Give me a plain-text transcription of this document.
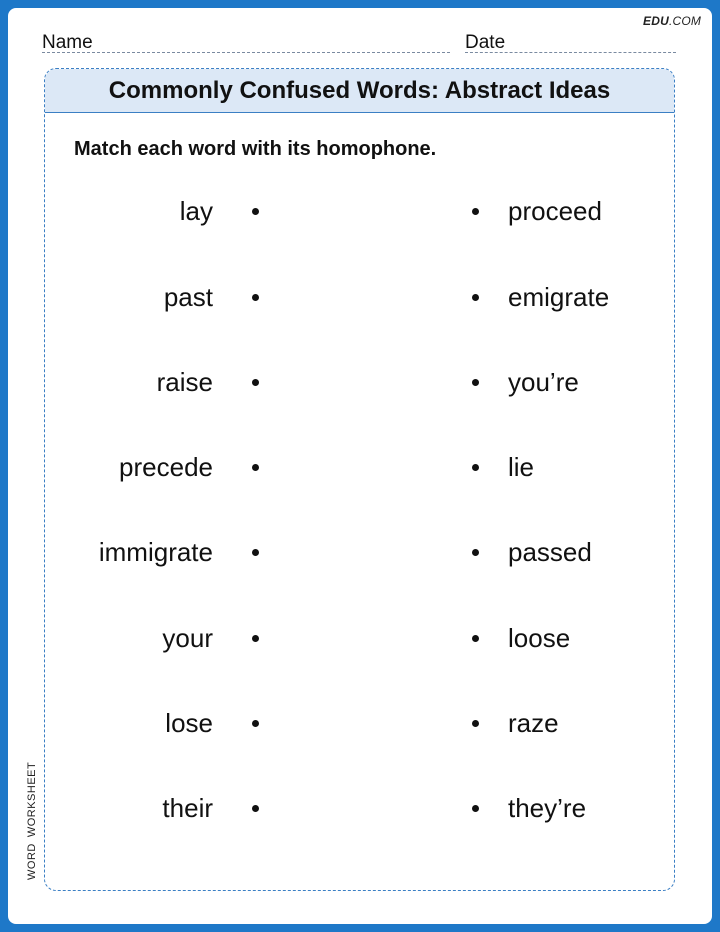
EDU.COM
Name	Date
WORDWORKSHEET
Commonly Confused Words: Abstract Ideas
Match each word with its homophone.
lay	proceed
past	emigrate
raise	you’re
precede	lie
immigrate	passed
your	loose
lose	raze
their	they’re
